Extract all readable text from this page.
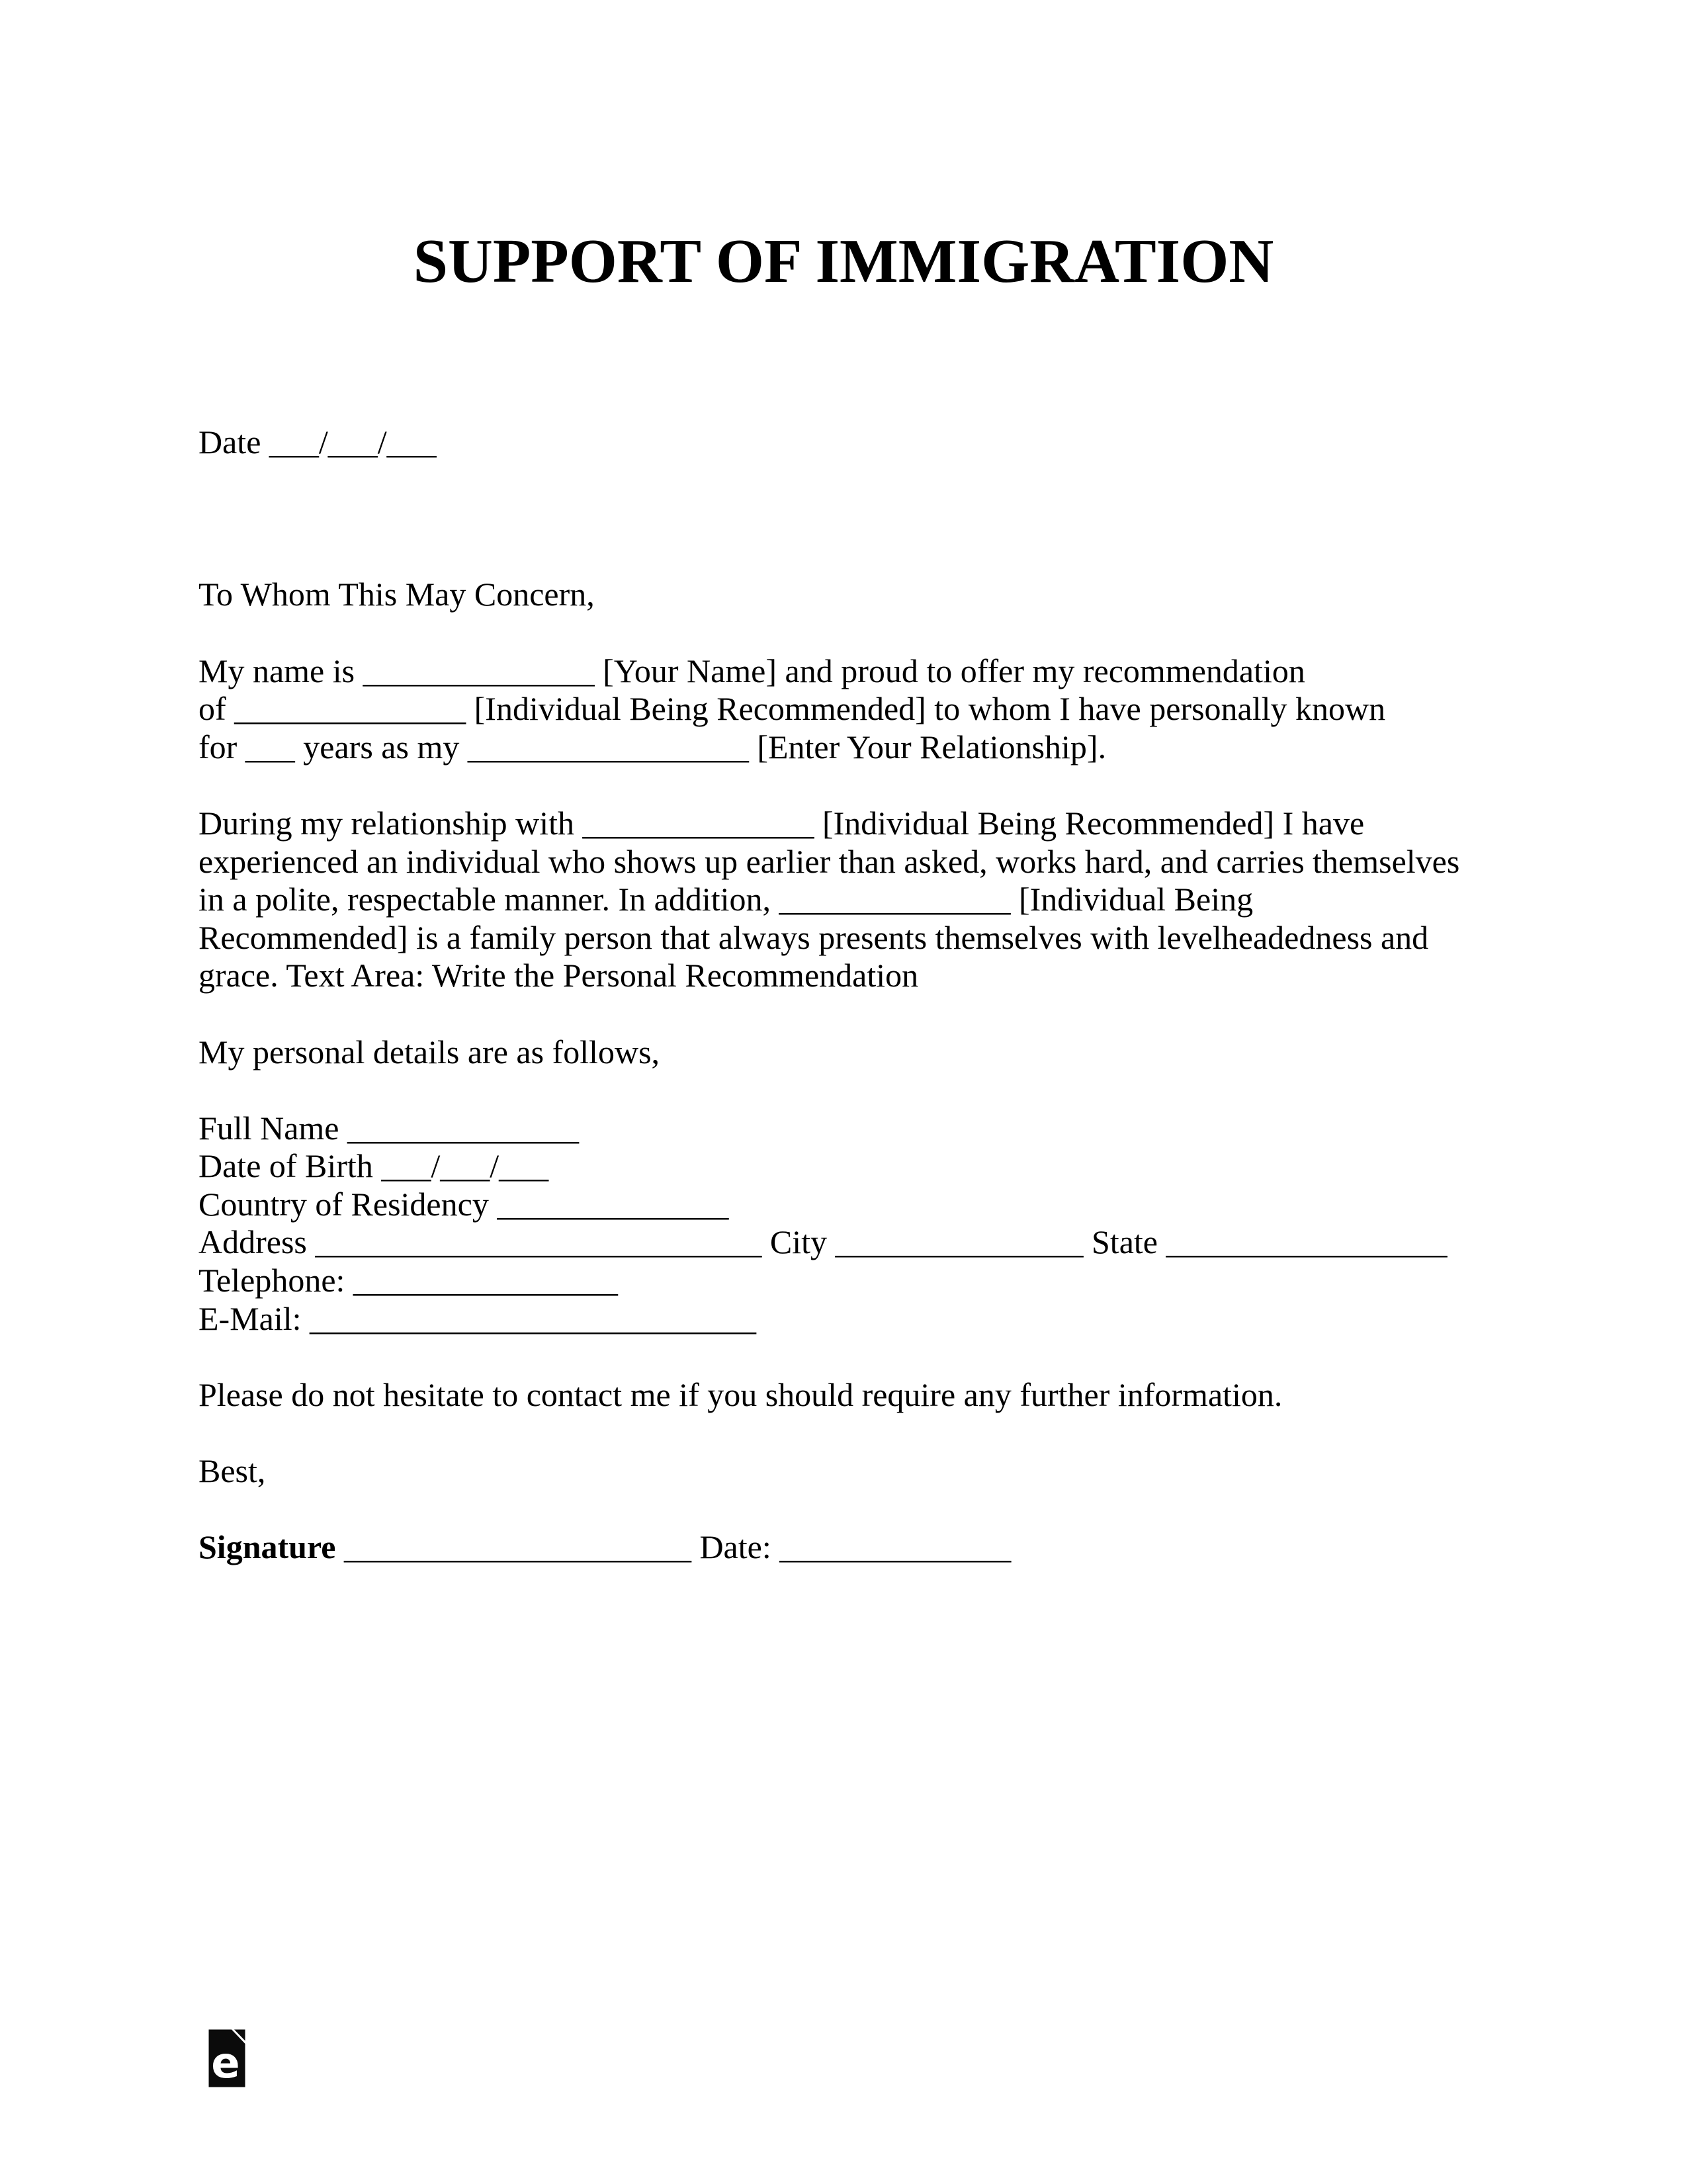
SUPPORT OF IMMIGRATION
Date ___/___/___
To Whom This May Concern,
My name is ______________ [Your Name] and proud to offer my recommendation
of ______________ [Individual Being Recommended] to whom I have personally known
for ___ years as my _________________ [Enter Your Relationship].
During my relationship with ______________ [Individual Being Recommended] I have
experienced an individual who shows up earlier than asked, works hard, and carries themselves
in a polite, respectable manner. In addition, ______________ [Individual Being
Recommended] is a family person that always presents themselves with levelheadedness and
grace. Text Area: Write the Personal Recommendation
My personal details are as follows,
Full Name ______________
Date of Birth ___/___/___
Country of Residency ______________
Address ___________________________ City _______________ State _________________
Telephone: ________________
E-Mail: ___________________________
Please do not hesitate to contact me if you should require any further information.
Best,
Signature _____________________ Date: ______________
e
